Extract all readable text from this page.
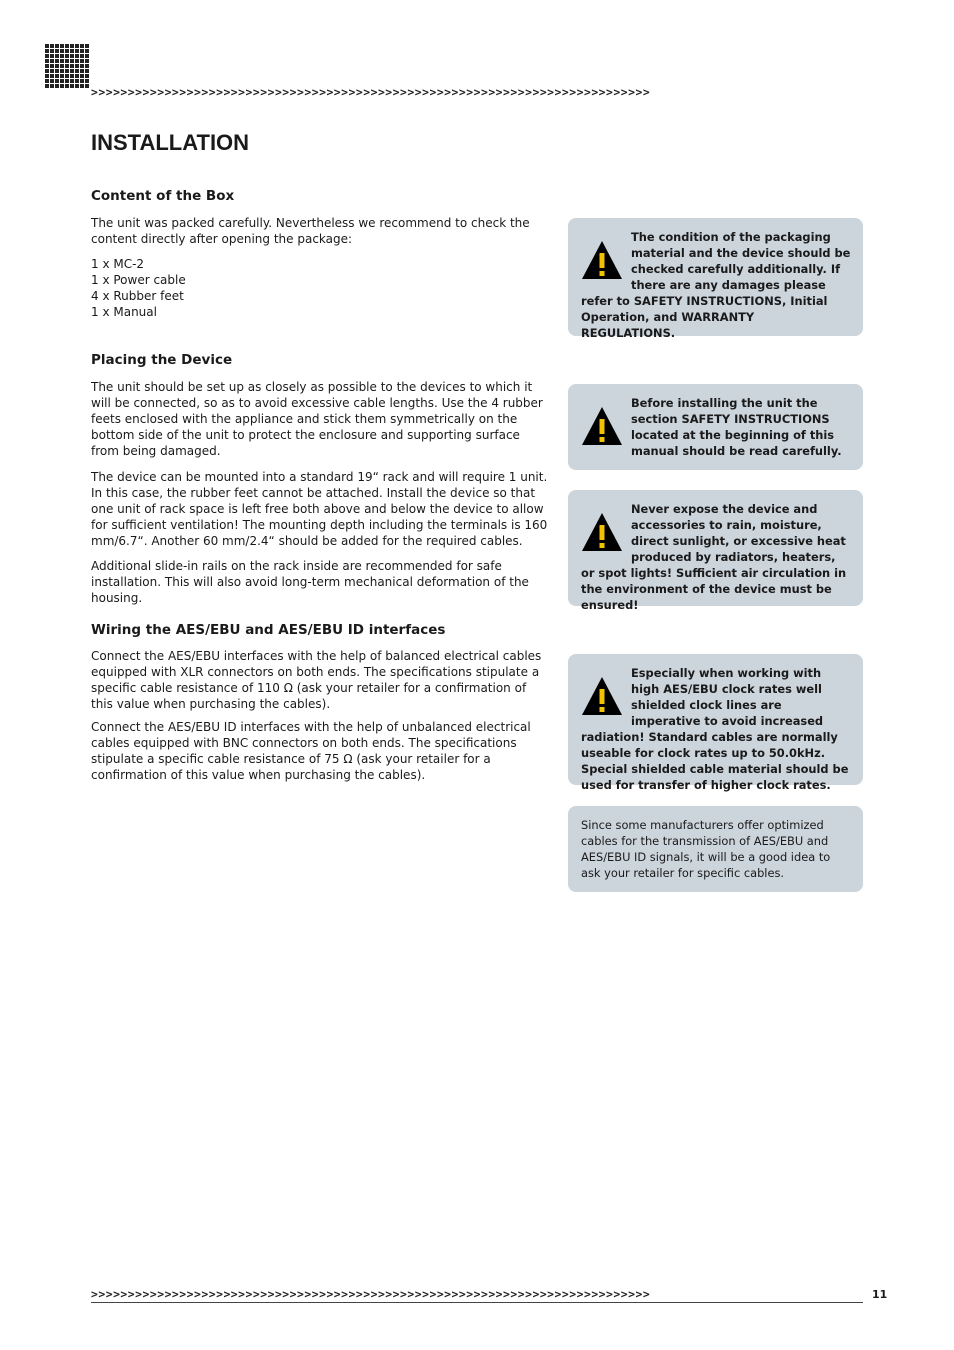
>>>>>>>>>>>>>>>>>>>>>>>>>>>>>>>>>>>>>>>>>>>>>>>>>>>>>>>>>>>>>>>>>>>>>>>>>>>>
INSTALLATION
Content of the Box

The unit was packed carefully. Nevertheless we recommend to check the content directly after opening the package:

1 x MC-2
1 x Power cable
4 x Rubber feet
1 x Manual
Placing the Device

The unit should be set up as closely as possible to the devices to which it will be connected, so as to avoid excessive cable lengths. Use the 4 rubber feets enclosed with the appliance and stick them symmetrically on the bottom side of the unit to protect the enclosure and supporting surface from being damaged.

The device can be mounted into a standard 19“ rack and will require 1 unit. In this case, the rubber feet cannot be attached. Install the device so that one unit of rack space is left free both above and below the device to allow for sufficient ventilation! The mounting depth including the terminals is 160 mm/6.7“. Another 60 mm/2.4“ should be added for the required cables.

Additional slide-in rails on the rack inside are recommended for safe installation. This will also avoid long-term mechanical deformation of the housing.

Wiring the AES/EBU and AES/EBU ID interfaces

Connect the AES/EBU interfaces with the help of balanced electrical cables equipped with XLR connectors on both ends. The specifications stipulate a specific cable resistance of 110 Ω (ask your retailer for a confirmation of this value when purchasing the cables).

Connect the AES/EBU ID interfaces with the help of unbalanced electrical cables equipped with BNC connectors on both ends. The specifications stipulate a specific cable resistance of 75 Ω (ask your retailer for a confirmation of this value when purchasing the cables).

The condition of the packaging material and the device should be checked carefully additionally. If there are any damages please refer to SAFETY INSTRUCTIONS, Initial Operation, and WARRANTY REGULATIONS.
Before installing the unit the section SAFETY INSTRUCTIONS located at the beginning of this manual should be read carefully.
Never expose the device and accessories to rain, moisture, direct sunlight, or excessive heat produced by radiators, heaters, or spot lights! Sufficient air circulation in the environment of the device must be ensured!
Especially when working with high AES/EBU clock rates well shielded clock lines are imperative to avoid increased radiation! Standard cables are normally useable for clock rates up to 50.0kHz. Special shielded cable material should be used for transfer of higher clock rates.
Since some manufacturers offer optimized cables for the transmission of AES/EBU and AES/EBU ID signals, it will be a good idea to ask your retailer for specific cables.
>>>>>>>>>>>>>>>>>>>>>>>>>>>>>>>>>>>>>>>>>>>>>>>>>>>>>>>>>>>>>>>>>>>>>>>>>>>>	11
